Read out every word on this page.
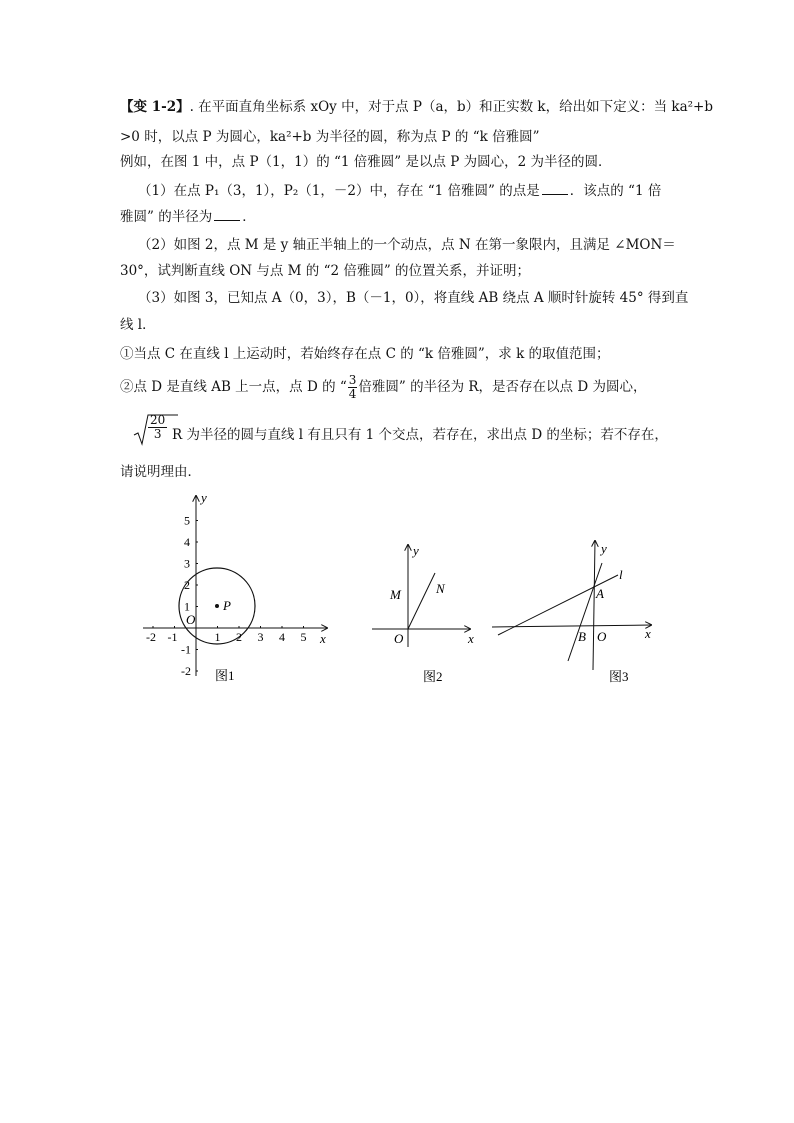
【变 1-2】. 在平面直角坐标系 xOy 中，对于点 P（a，b）和正实数 k，给出如下定义：当 ka²+b
>0 时，以点 P 为圆心，ka²+b 为半径的圆，称为点 P 的 “k 倍雅圆”
例如，在图 1 中，点 P（1，1）的 “1 倍雅圆” 是以点 P 为圆心，2 为半径的圆．
（1）在点 P₁（3，1），P₂（1，－2）中，存在 “1 倍雅圆” 的点是 ．该点的 “1 倍
雅圆” 的半径为 ．
（2）如图 2，点 M 是 y 轴正半轴上的一个动点，点 N 在第一象限内，且满足 ∠MON＝
30°，试判断直线 ON 与点 M 的 “2 倍雅圆” 的位置关系，并证明；
（3）如图 3，已知点 A（0，3），B（－1，0），将直线 AB 绕点 A 顺时针旋转 45° 得到直
线 l．
①当点 C 在直线 l 上运动时，若始终存在点 C 的 “k 倍雅圆”，求 k 的取值范围；
②点 D 是直线 AB 上一点，点 D 的 “ $\frac{3}{4}$ 倍雅圆” 的半径为 R，是否存在以点 D 为圆心，
$\frac{20}{3}$ R 为半径的圆与直线 l 有且只有 1 个交点，若存在，求出点 D 的坐标；若不存在，
请说明理由．
-2 -1	1 2 3 4 5
5
4
3
2
1
-1
-2
y
x
O
P
图1
y
x
O
M	N
图2
y
x
O
A
B
l
图3
